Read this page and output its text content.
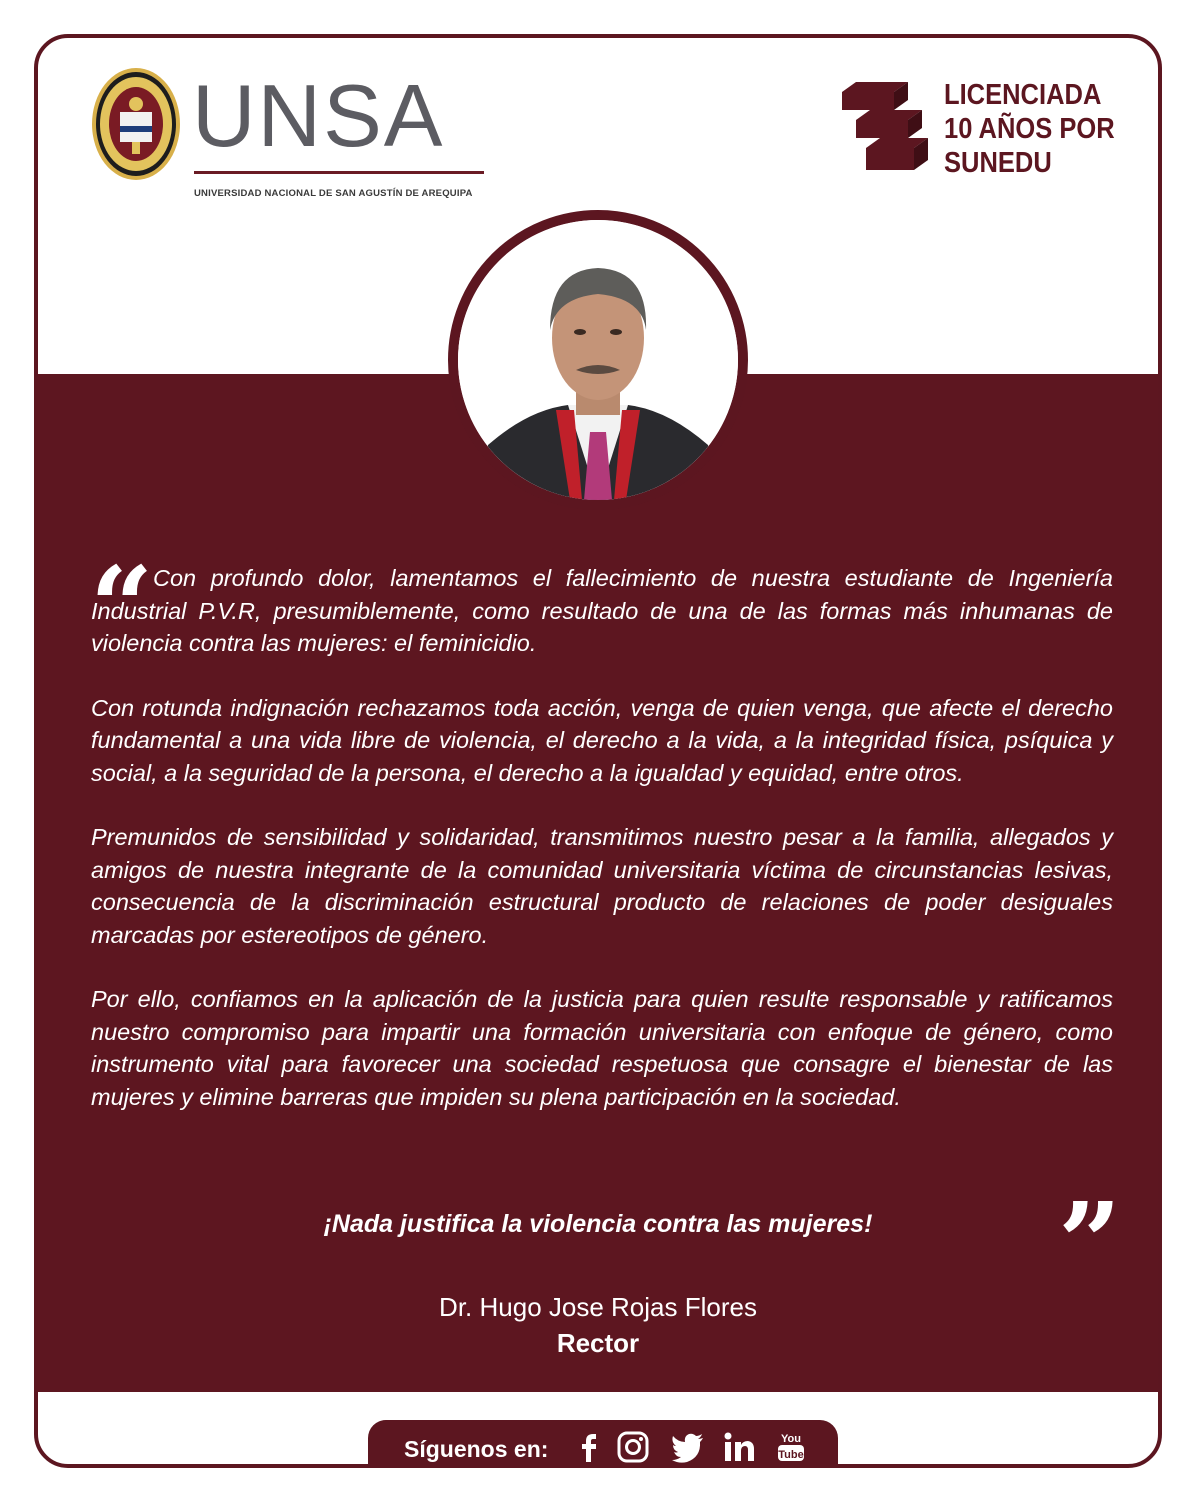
UNSA
UNIVERSIDAD NACIONAL DE SAN AGUSTÍN DE AREQUIPA
LICENCIADA
10 AÑOS POR
SUNEDU
“ Con profundo dolor, lamentamos el fallecimiento de nuestra estudiante de Ingeniería Industrial P.V.R, presumiblemente, como resultado de una de las formas más inhumanas de violencia contra las mujeres: el feminicidio.

Con rotunda indignación rechazamos toda acción, venga de quien venga, que afecte el derecho fundamental a una vida libre de violencia, el derecho a la vida, a la integridad física, psíquica y social, a la seguridad de la persona, el derecho a la igualdad y equidad, entre otros.

Premunidos de sensibilidad y solidaridad, transmitimos nuestro pesar a la familia, allegados y amigos de nuestra integrante de la comunidad universitaria víctima de circunstancias lesivas, consecuencia de la discriminación estructural producto de relaciones de poder desiguales marcadas por estereotipos de género.

Por ello, confiamos en la aplicación de la justicia para quien resulte responsable y ratificamos nuestro compromiso para impartir una formación universitaria con enfoque de género, como instrumento vital para favorecer una sociedad respetuosa que consagre el bienestar de las mujeres y elimine barreras que impiden su plena participación en la sociedad.

”
¡Nada justifica la violencia contra las mujeres!
Dr. Hugo Jose Rojas Flores
Rector
Síguenos en:	You
Tube
